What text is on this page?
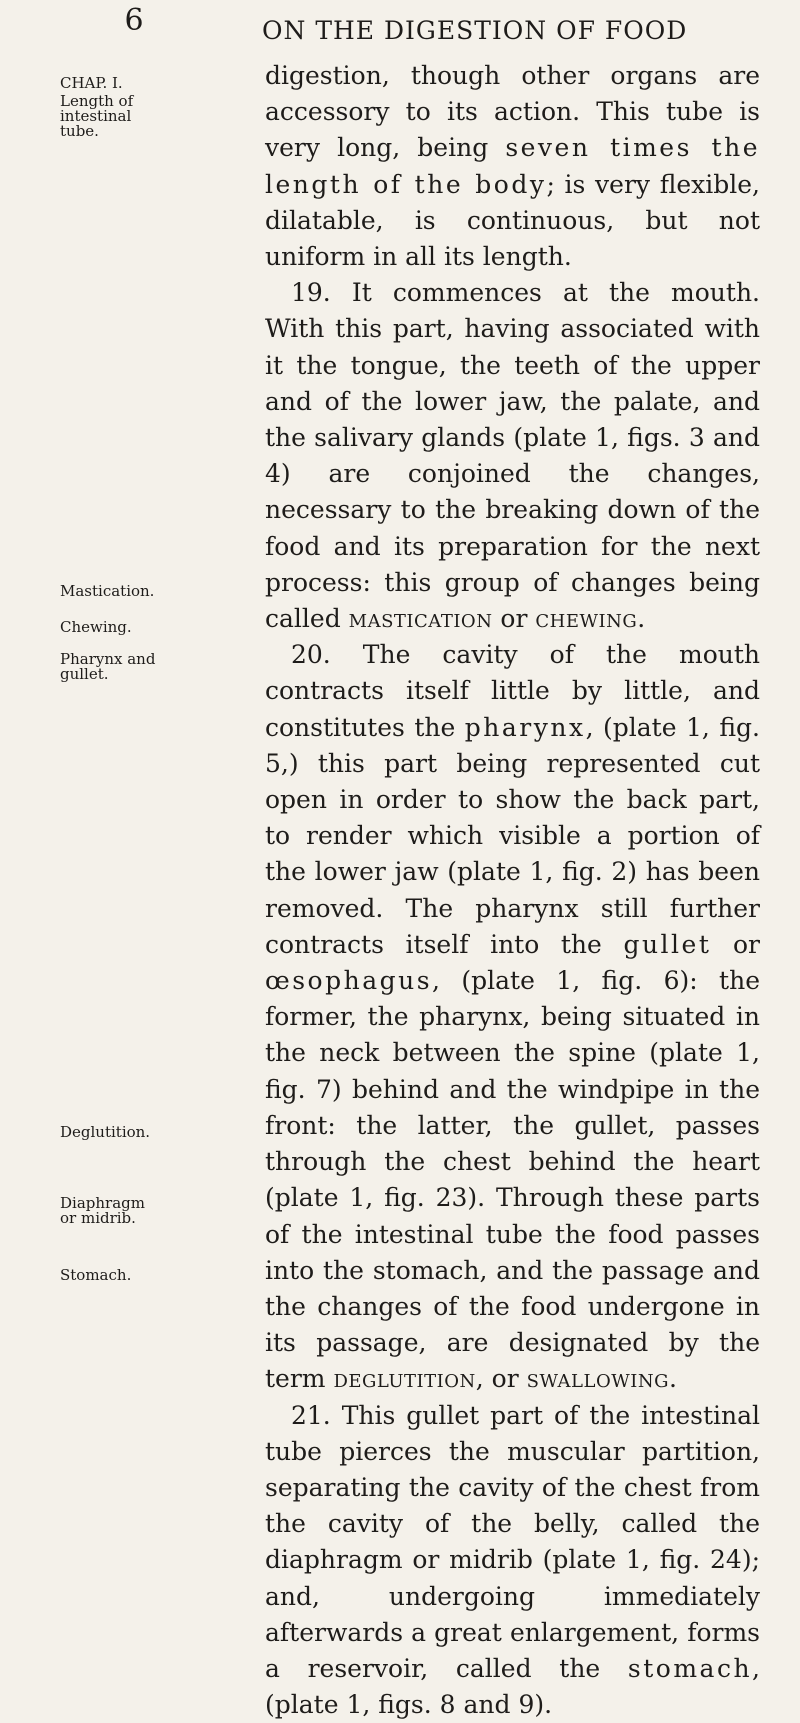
6	ON THE DIGESTION OF FOOD
CHAP. I.
Length of intestinal tube.
Mastication.
Chewing.
Pharynx and gullet.
Deglutition.
Diaphragm or midrib.
Stomach.

digestion, though other organs are accessory to its action. This tube is very long, being seven times the length of the body; is very flexible, dilatable, is continuous, but not uniform in all its length.

19. It commences at the mouth. With this part, having associated with it the tongue, the teeth of the upper and of the lower jaw, the palate, and the salivary glands (plate 1, figs. 3 and 4) are conjoined the changes, necessary to the breaking down of the food and its preparation for the next process: this group of changes being called mastication or chewing.

20. The cavity of the mouth contracts itself little by little, and constitutes the pharynx, (plate 1, fig. 5,) this part being represented cut open in order to show the back part, to render which visible a portion of the lower jaw (plate 1, fig. 2) has been removed. The pharynx still further contracts itself into the gullet or œsophagus, (plate 1, fig. 6): the former, the pharynx, being situated in the neck between the spine (plate 1, fig. 7) behind and the windpipe in the front: the latter, the gullet, passes through the chest behind the heart (plate 1, fig. 23). Through these parts of the intestinal tube the food passes into the stomach, and the passage and the changes of the food undergone in its passage, are designated by the term deglutition, or swallowing.

21. This gullet part of the intestinal tube pierces the muscular partition, separating the cavity of the chest from the cavity of the belly, called the diaphragm or midrib (plate 1, fig. 24); and, undergoing immediately afterwards a great enlargement, forms a reservoir, called the stomach, (plate 1, figs. 8 and 9).
